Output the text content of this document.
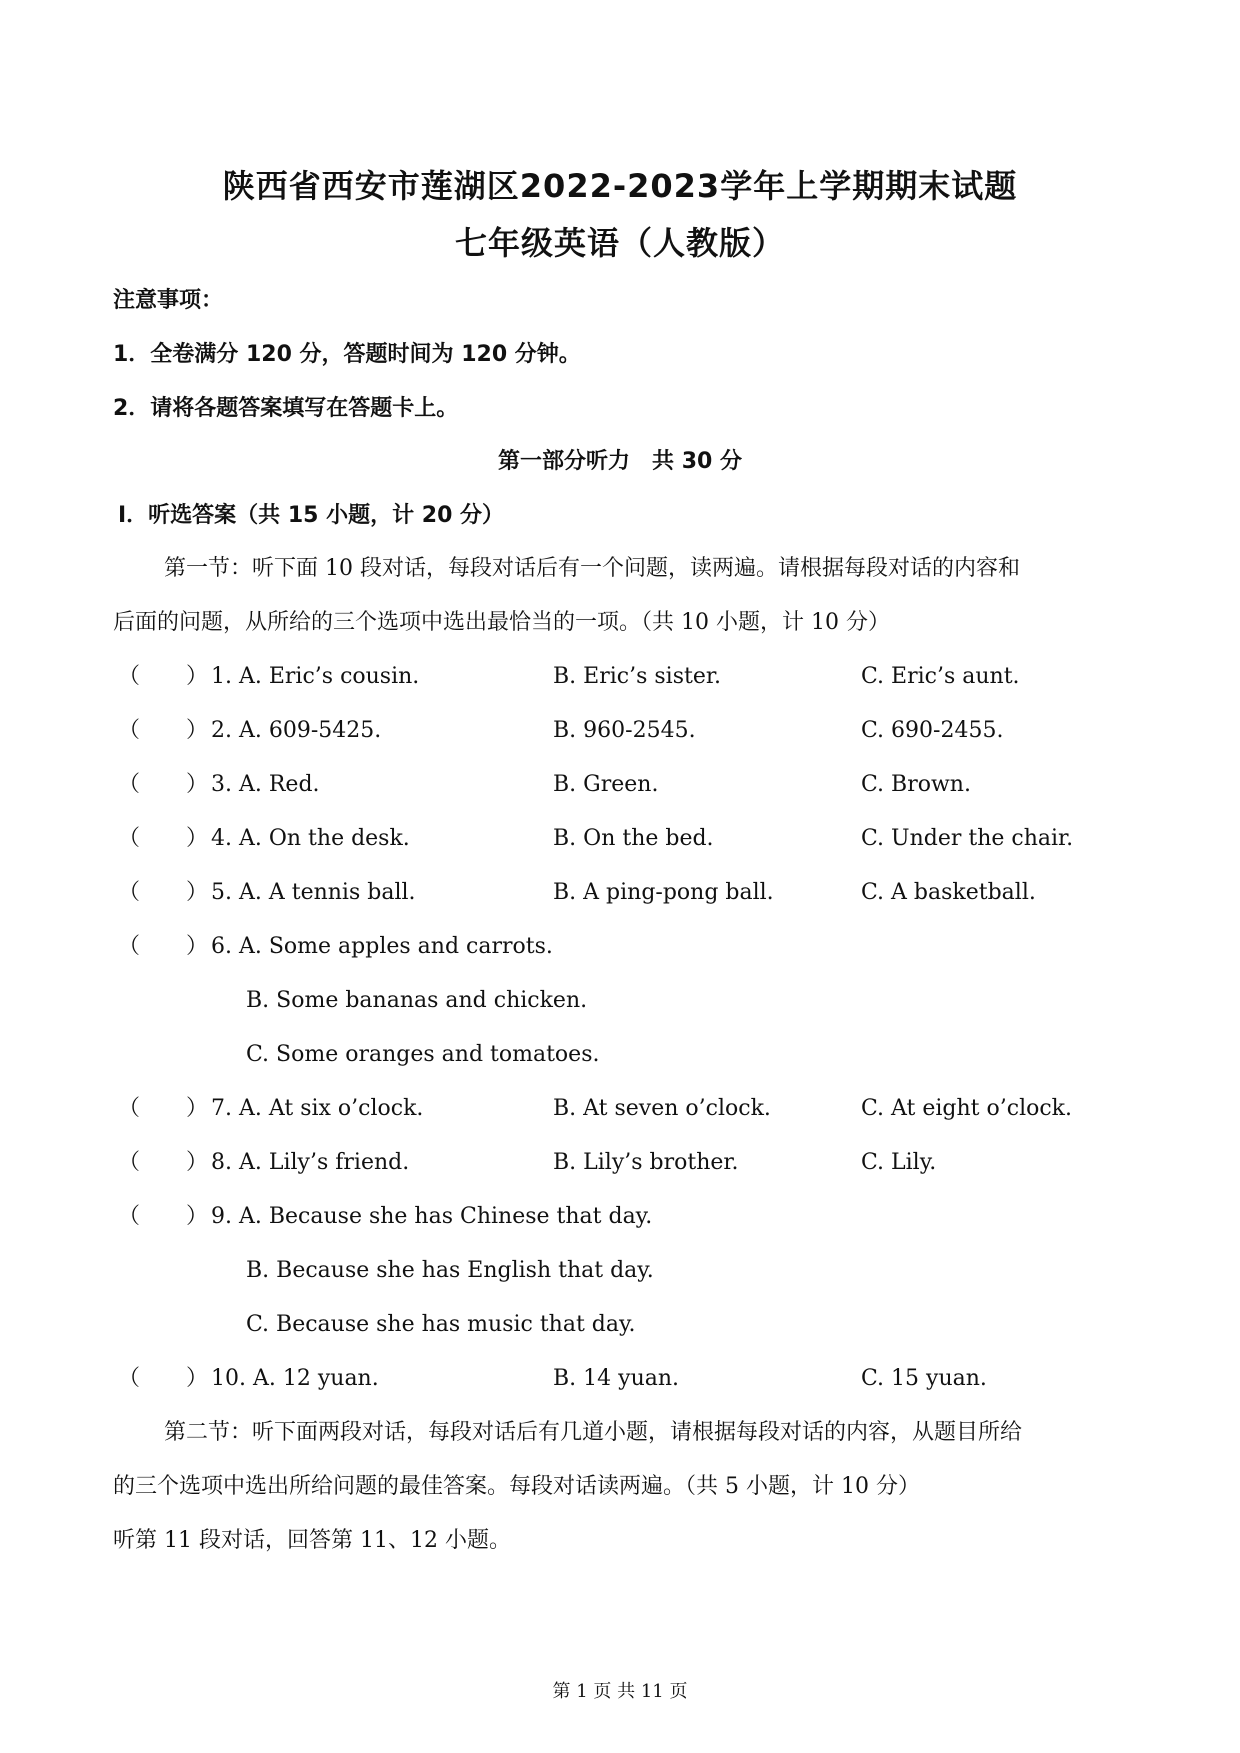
陕西省西安市莲湖区2022-2023学年上学期期末试题
七年级英语（人教版）
注意事项：
1．全卷满分 120 分，答题时间为 120 分钟。
2．请将各题答案填写在答题卡上。
第一部分听力　共 30 分
Ⅰ．听选答案（共 15 小题，计 20 分）
第一节：听下面 10 段对话，每段对话后有一个问题，读两遍。请根据每段对话的内容和
后面的问题，从所给的三个选项中选出最恰当的一项。（共 10 小题，计 10 分）
（ ） 1. A. Eric’s cousin.	B. Eric’s sister.	C. Eric’s aunt.
（ ） 2. A. 609-5425.	B. 960-2545.	C. 690-2455.
（ ） 3. A. Red.	B. Green.	C. Brown.
（ ） 4. A. On the desk.	B. On the bed.	C. Under the chair.
（ ） 5. A. A tennis ball.	B. A ping-pong ball.	C. A basketball.
（ ） 6. A. Some apples and carrots.
B. Some bananas and chicken.
C. Some oranges and tomatoes.
（ ） 7. A. At six o’clock.	B. At seven o’clock.	C. At eight o’clock.
（ ） 8. A. Lily’s friend.	B. Lily’s brother.	C. Lily.
（ ） 9. A. Because she has Chinese that day.
B. Because she has English that day.
C. Because she has music that day.
（ ） 10. A. 12 yuan.	B. 14 yuan.	C. 15 yuan.
第二节：听下面两段对话，每段对话后有几道小题，请根据每段对话的内容，从题目所给
的三个选项中选出所给问题的最佳答案。每段对话读两遍。（共 5 小题，计 10 分）
听第 11 段对话，回答第 11、12 小题。
第 1 页 共 11 页
